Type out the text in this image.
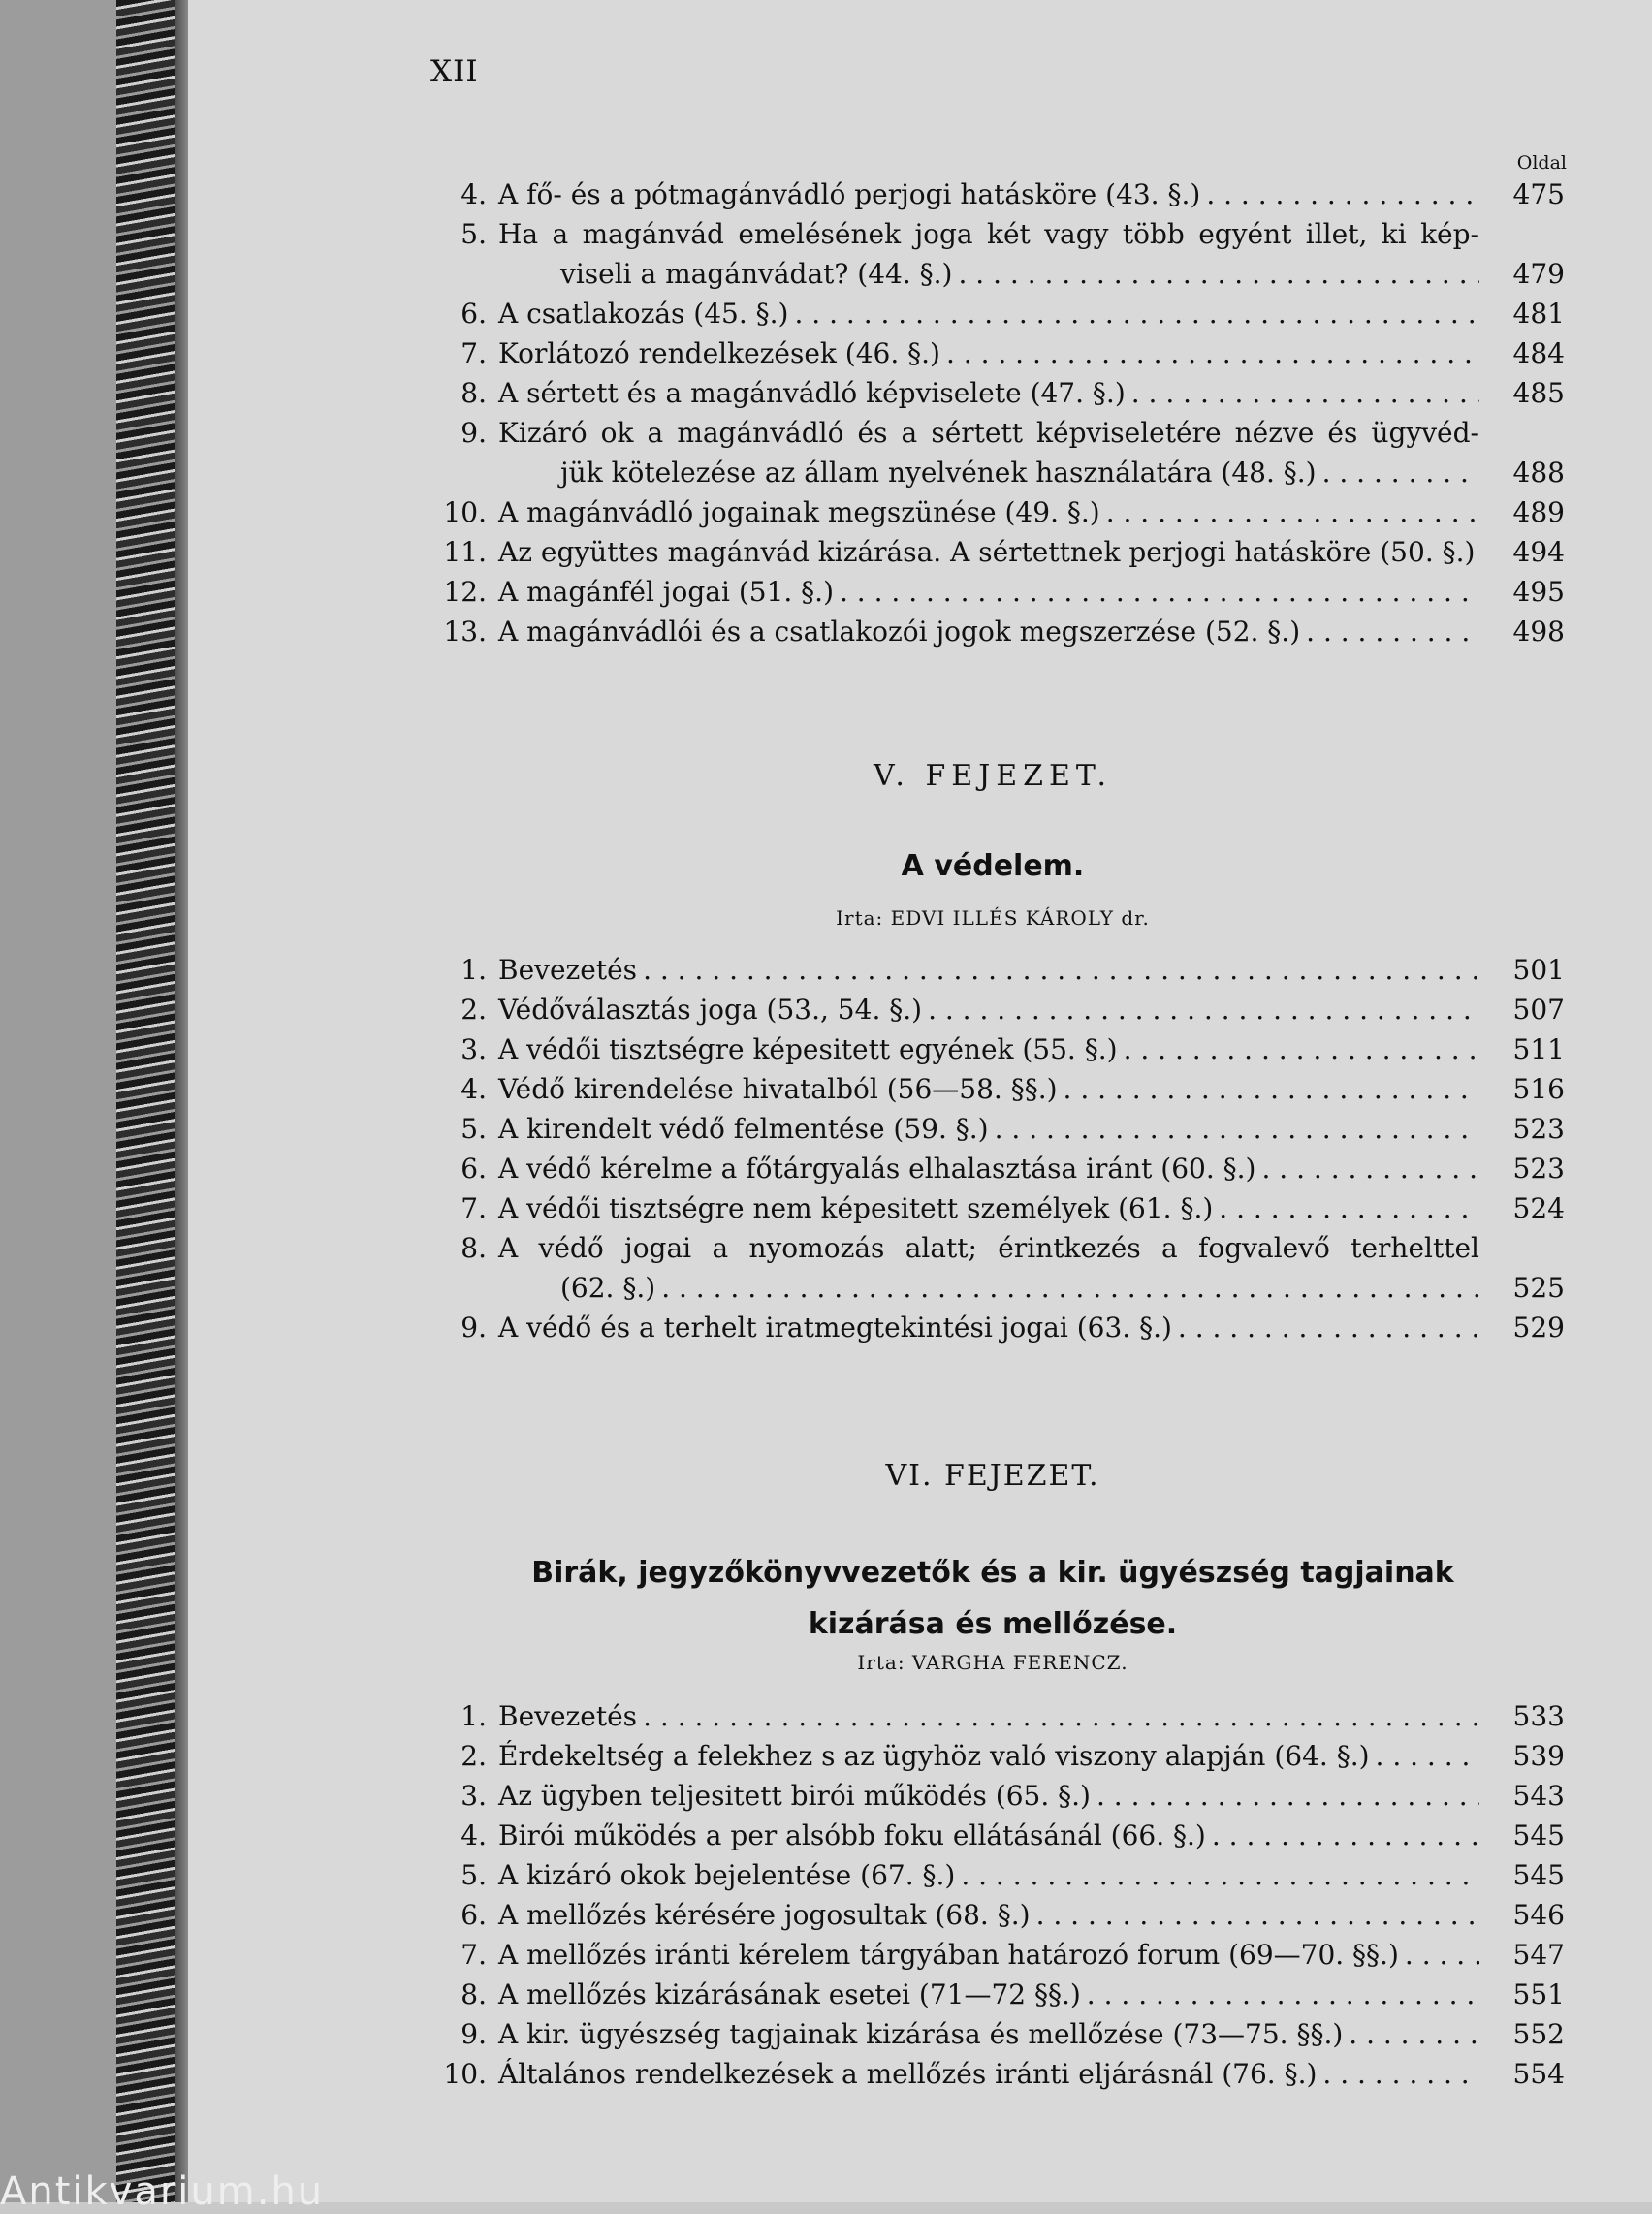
XII
Oldal
4. A fő- és a pótmagánvádló perjogi hatásköre (43. §.) . . .	475
5. Ha a magánvád emelésének joga két vagy több egyént illet, ki kép-
viseli a magánvádat? (44. §.) . . .	479
6. A csatlakozás (45. §.) . . .	481
7. Korlátozó rendelkezések (46. §.) . . .	484
8. A sértett és a magánvádló képviselete (47. §.) . . .	485
9. Kizáró ok a magánvádló és a sértett képviseletére nézve és ügyvéd-
jük kötelezése az állam nyelvének használatára (48. §.) . . .	488
10. A magánvádló jogainak megszünése (49. §.) . . .	489
11. Az együttes magánvád kizárása. A sértettnek perjogi hatásköre (50. §.)	494
12. A magánfél jogai (51. §.) . . .	495
13. A magánvádlói és a csatlakozói jogok megszerzése (52. §.) . . .	498
V. FEJEZET.
A védelem.
Irta: EDVI ILLÉS KÁROLY dr.
1. Bevezetés . . .	501
2. Védőválasztás joga (53., 54. §.) . . .	507
3. A védői tisztségre képesitett egyének (55. §.) . . .	511
4. Védő kirendelése hivatalból (56—58. §§.) . . .	516
5. A kirendelt védő felmentése (59. §.) . . .	523
6. A védő kérelme a főtárgyalás elhalasztása iránt (60. §.) . . .	523
7. A védői tisztségre nem képesitett személyek (61. §.) . . .	524
8. A védő jogai a nyomozás alatt; érintkezés a fogvalevő terhelttel
(62. §.) . . .	525
9. A védő és a terhelt iratmegtekintési jogai (63. §.) . . .	529
VI. FEJEZET.
Birák, jegyzőkönyvvezetők és a kir. ügyészség tagjainak
kizárása és mellőzése.
Irta: VARGHA FERENCZ.
1. Bevezetés . . .	533
2. Érdekeltség a felekhez s az ügyhöz való viszony alapján (64. §.) . . .	539
3. Az ügyben teljesitett birói működés (65. §.) . . .	543
4. Birói működés a per alsóbb foku ellátásánál (66. §.) . . .	545
5. A kizáró okok bejelentése (67. §.) . . .	545
6. A mellőzés kérésére jogosultak (68. §.) . . .	546
7. A mellőzés iránti kérelem tárgyában határozó forum (69—70. §§.) . . .	547
8. A mellőzés kizárásának esetei (71—72 §§.) . . .	551
9. A kir. ügyészség tagjainak kizárása és mellőzése (73—75. §§.) . . .	552
10. Általános rendelkezések a mellőzés iránti eljárásnál (76. §.) . . .	554
Antikvarium.hu
